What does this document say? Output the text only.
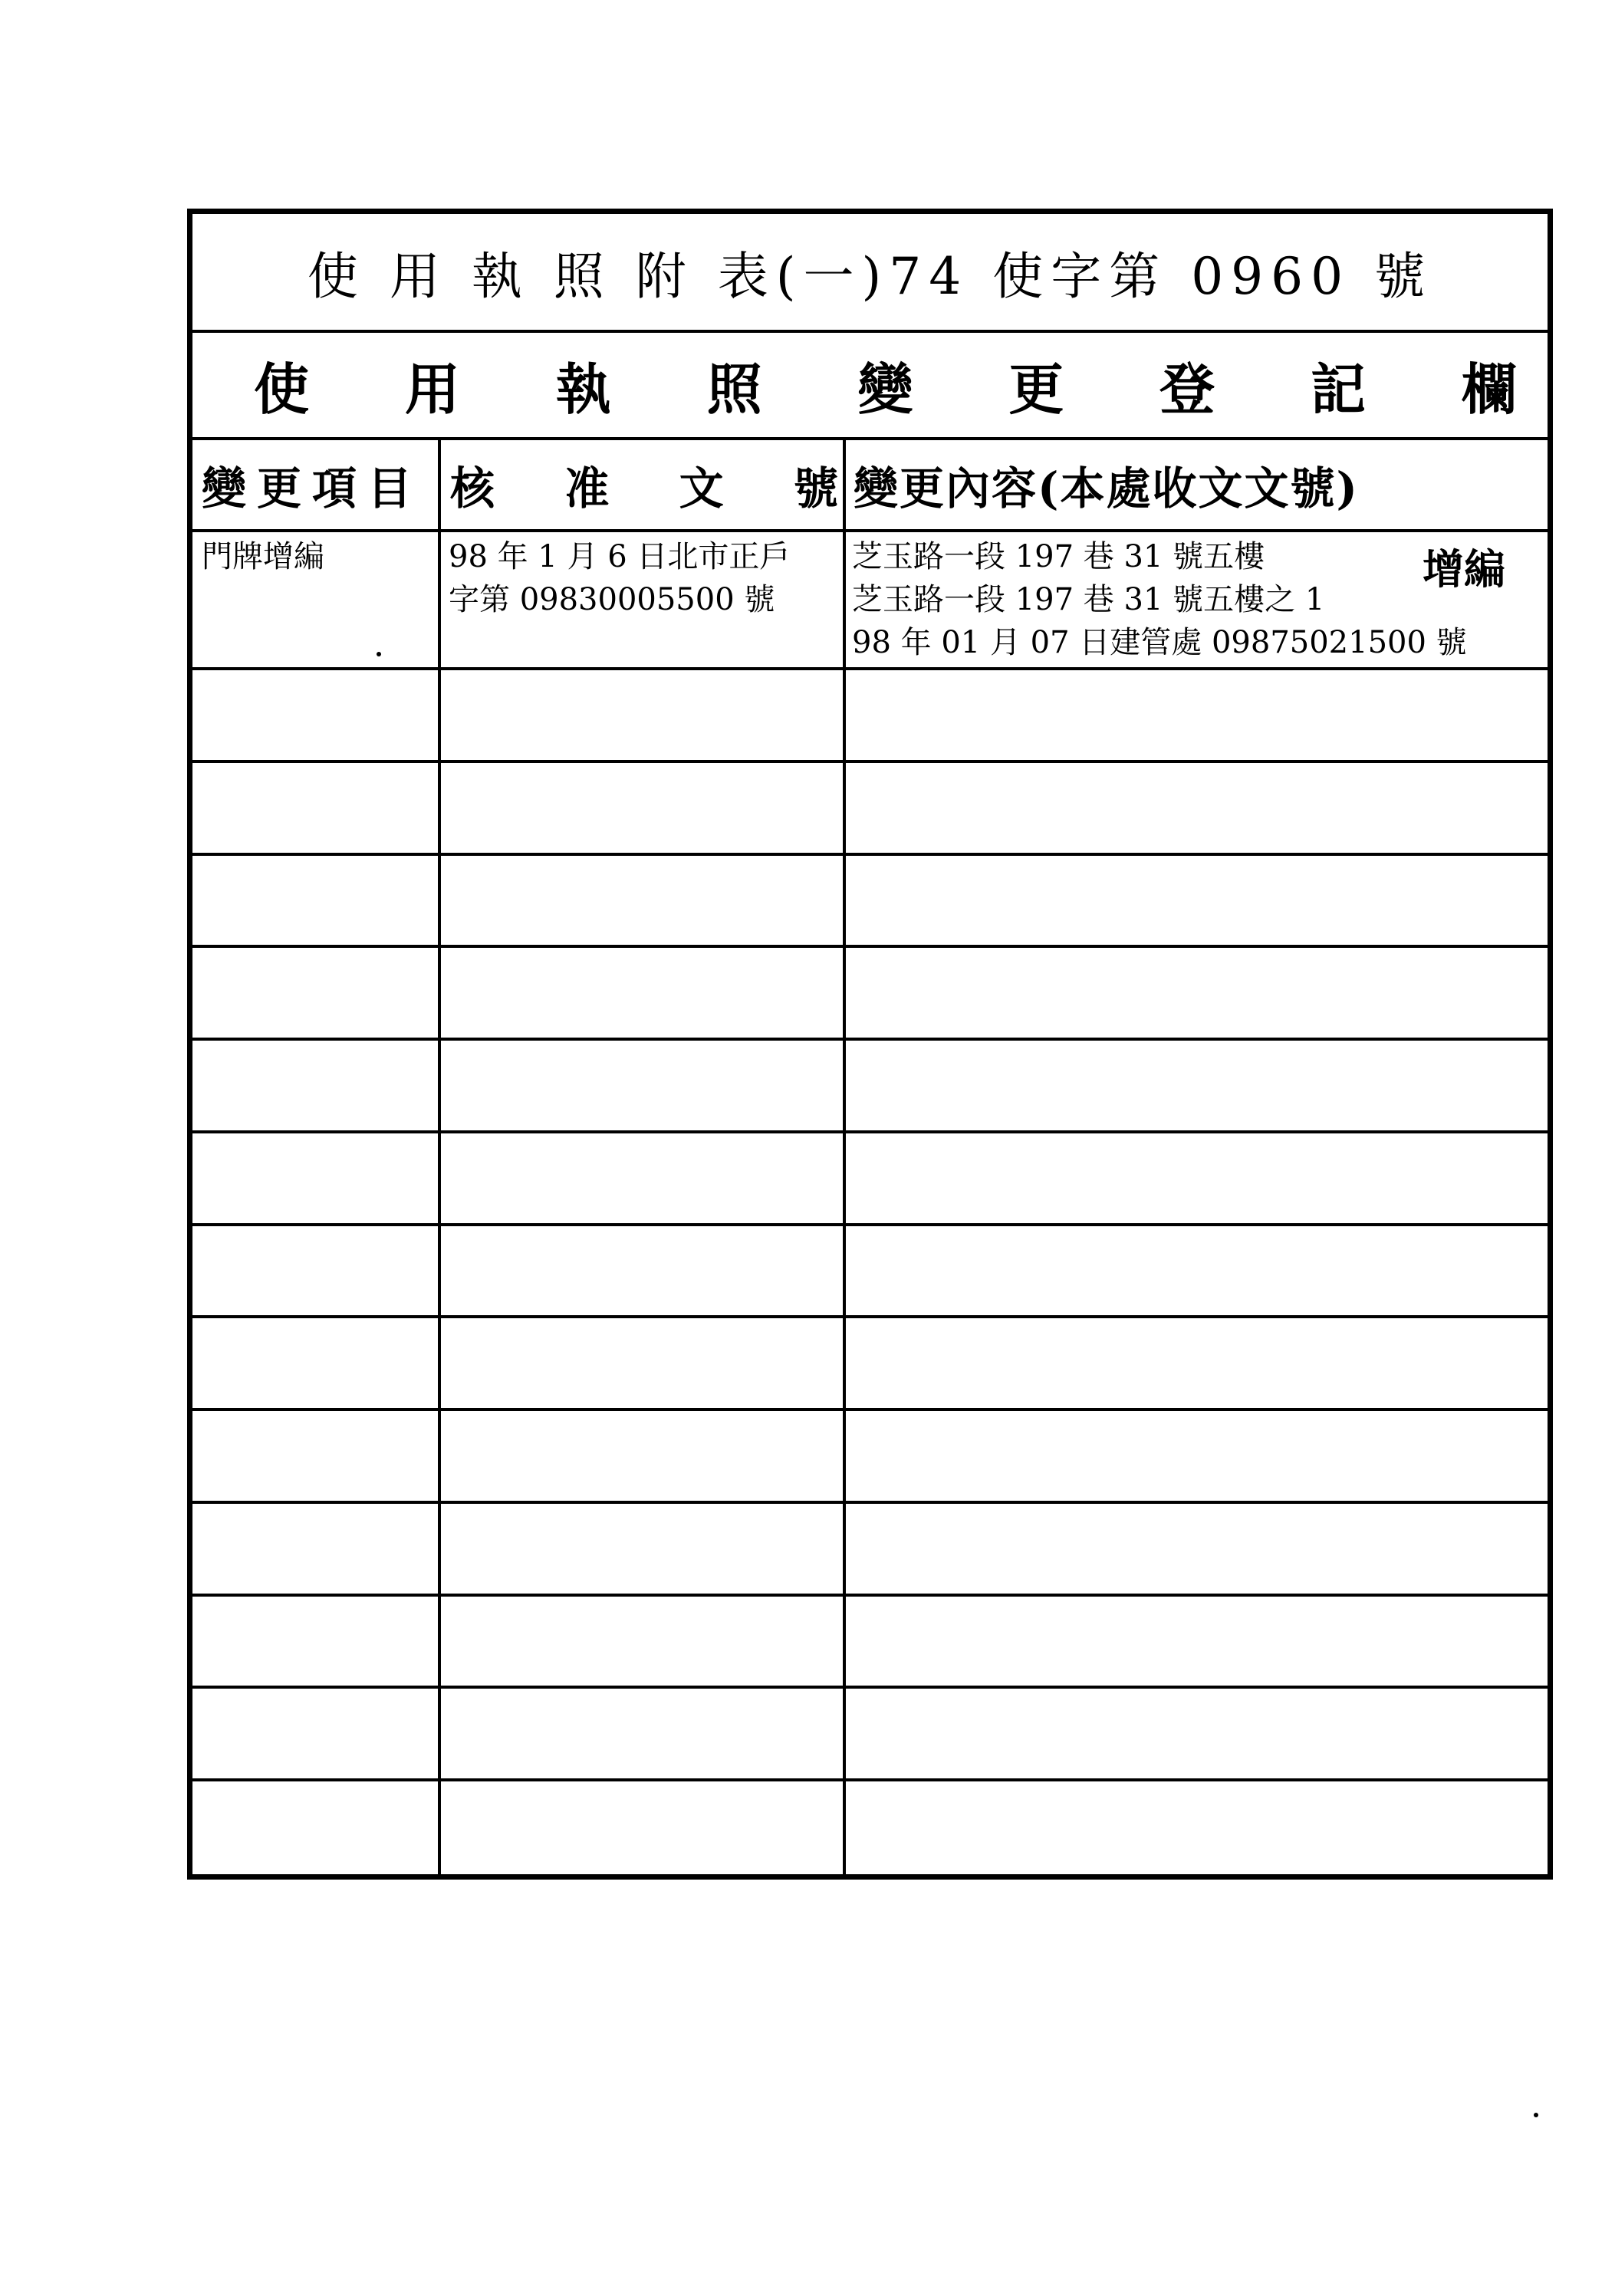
使 用 執 照 附 表(一)74 使字第 0960 號
使 用 執 照 變 更 登 記 欄
變更項目 核 准 文 號 變更內容(本處收文文號)
門牌增編	98 年 1 月 6 日北市正戶
字第 09830005500 號
芝玉路一段 197 巷 31 號五樓
芝玉路一段 197 巷 31 號五樓之 1
98 年 01 月 07 日建管處 09875021500 號
增編
